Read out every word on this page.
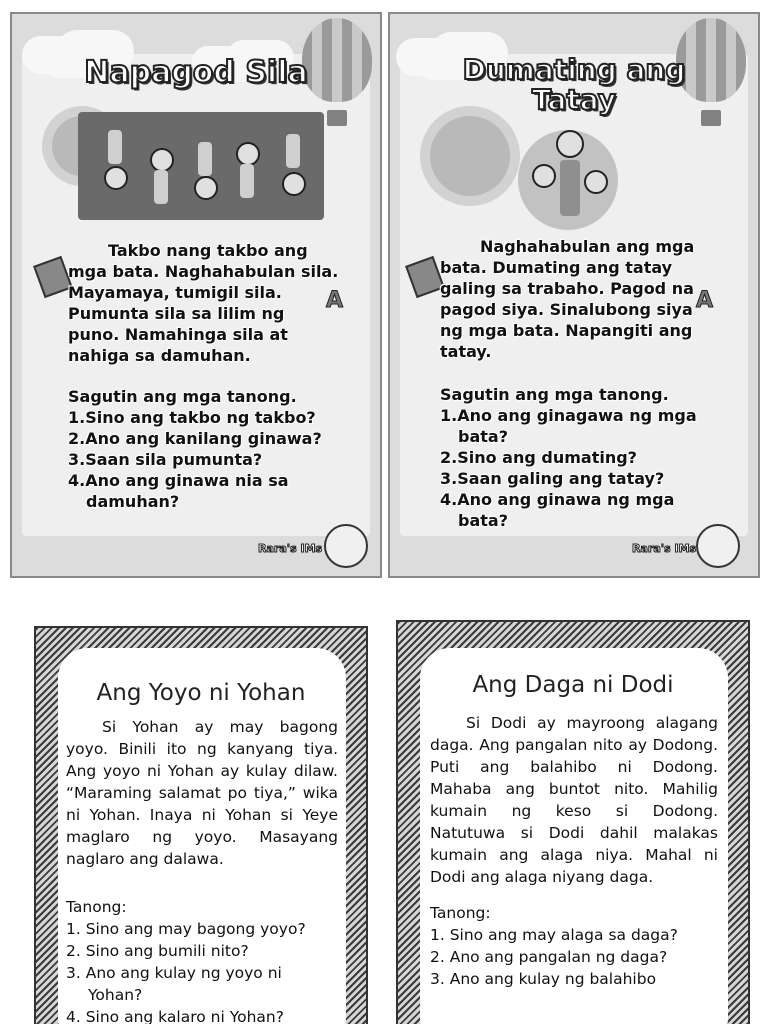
Napagod Sila
A

Takbo nang takbo ang mga bata. Naghahabulan sila. Mayamaya, tumigil sila. Pumunta sila sa lilim ng puno. Namahinga sila at nahiga sa damuhan.

Sagutin ang mga tanong.

1.Sino ang takbo ng takbo?

2.Ano ang kanilang ginawa?

3.Saan sila pumunta?

4.Ano ang ginawa nia sa

damuhan?

Rara's IMs
Dumating ang
Tatay
A

Naghahabulan ang mga bata. Dumating ang tatay galing sa trabaho. Pagod na pagod siya. Sinalubong siya ng mga bata. Napangiti ang tatay.

Sagutin ang mga tanong.

1.Ano ang ginagawa ng mga

bata?

2.Sino ang dumating?

3.Saan galing ang tatay?

4.Ano ang ginawa ng mga

bata?

Rara's IMs
Ang Yoyo ni Yohan

Si Yohan ay may bagong yoyo. Binili ito ng kanyang tiya. Ang yoyo ni Yohan ay kulay dilaw. “Maraming salamat po tiya,” wika ni Yohan. Inaya ni Yohan si Yeye maglaro ng yoyo. Masayang naglaro ang dalawa.

Tanong:

1. Sino ang may bagong yoyo?

2. Sino ang bumili nito?

3. Ano ang kulay ng yoyo ni

Yohan?

4. Sino ang kalaro ni Yohan?

Ang Daga ni Dodi

Si Dodi ay mayroong alagang daga. Ang pangalan nito ay Dodong. Puti ang balahibo ni Dodong. Mahaba ang buntot nito. Mahilig kumain ng keso si Dodong. Natutuwa si Dodi dahil malakas kumain ang alaga niya. Mahal ni Dodi ang alaga niyang daga.

Tanong:

1. Sino ang may alaga sa daga?

2. Ano ang pangalan ng daga?

3. Ano ang kulay ng balahibo
